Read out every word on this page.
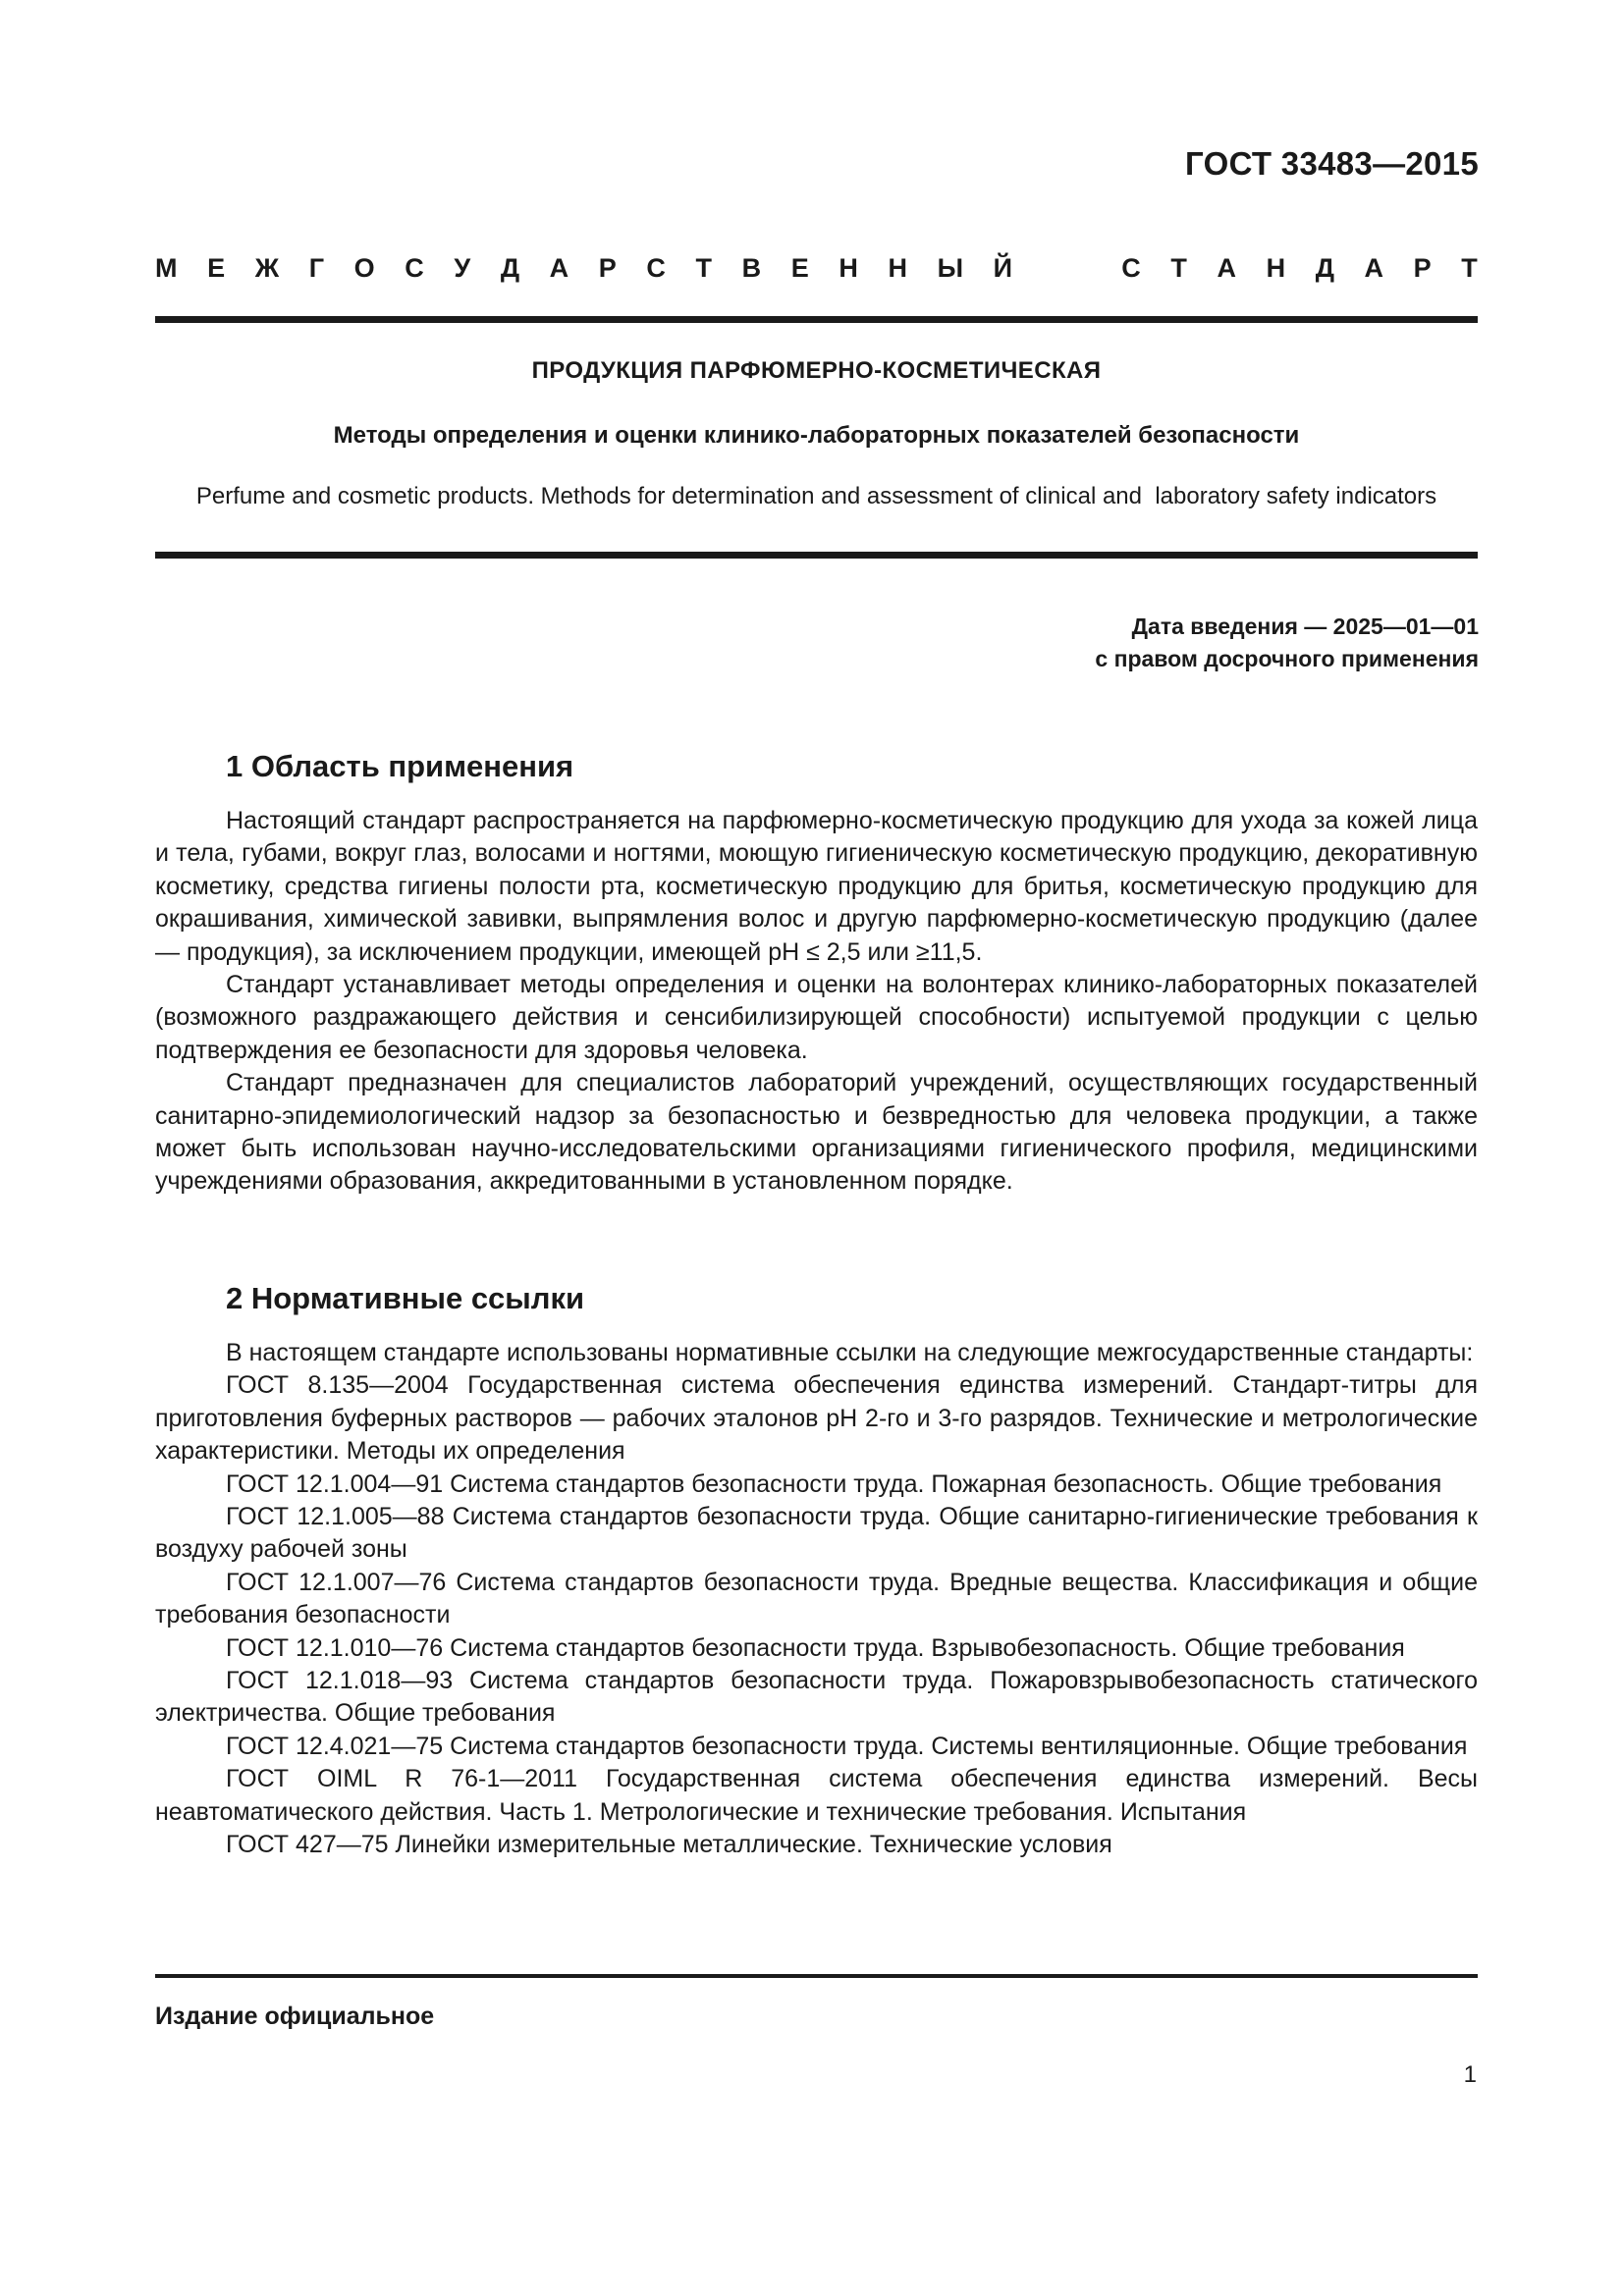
ГОСТ 33483—2015
М Е Ж Г О С У Д А Р С Т В Е Н Н Ы Й	С Т А Н Д А Р Т
ПРОДУКЦИЯ ПАРФЮМЕРНО-КОСМЕТИЧЕСКАЯ
Методы определения и оценки клинико-лабораторных показателей безопасности
Perfume and cosmetic products. Methods for determination and assessment of clinical and  laboratory safety indicators
Дата введения — 2025—01—01
с правом досрочного применения
1 Область применения

Настоящий стандарт распространяется на парфюмерно-косметическую продукцию для ухода за кожей лица и тела, губами, вокруг глаз, волосами и ногтями, моющую гигиеническую косметическую продукцию, декоративную косметику, средства гигиены полости рта, косметическую продукцию для бритья, косметическую продукцию для окрашивания, химической завивки, выпрямления волос и другую парфюмерно-косметическую продукцию (далее — продукция), за исключением продукции, имеющей pH ≤ 2,5 или ≥11,5.

Стандарт устанавливает методы определения и оценки на волонтерах клинико-лабораторных показателей (возможного раздражающего действия и сенсибилизирующей способности) испытуемой продукции с целью подтверждения ее безопасности для здоровья человека.

Стандарт предназначен для специалистов лабораторий учреждений, осуществляющих государственный санитарно-эпидемиологический надзор за безопасностью и безвредностью для человека продукции, а также может быть использован научно-исследовательскими организациями гигиенического профиля, медицинскими учреждениями образования, аккредитованными в установленном порядке.

2 Нормативные ссылки

В настоящем стандарте использованы нормативные ссылки на следующие межгосударственные стандарты:

ГОСТ 8.135—2004 Государственная система обеспечения единства измерений. Стандарт-титры для приготовления буферных растворов — рабочих эталонов pH 2-го и 3-го разрядов. Технические и метрологические характеристики. Методы их определения

ГОСТ 12.1.004—91 Система стандартов безопасности труда. Пожарная безопасность. Общие требования

ГОСТ 12.1.005—88 Система стандартов безопасности труда. Общие санитарно-гигиенические требования к воздуху рабочей зоны

ГОСТ 12.1.007—76 Система стандартов безопасности труда. Вредные вещества. Классификация и общие требования безопасности

ГОСТ 12.1.010—76 Система стандартов безопасности труда. Взрывобезопасность. Общие требования

ГОСТ 12.1.018—93 Система стандартов безопасности труда. Пожаровзрывобезопасность статического электричества. Общие требования

ГОСТ 12.4.021—75 Система стандартов безопасности труда. Системы вентиляционные. Общие требования

ГОСТ OIML R 76-1—2011 Государственная система обеспечения единства измерений. Весы неавтоматического действия. Часть 1. Метрологические и технические требования. Испытания

ГОСТ 427—75 Линейки измерительные металлические. Технические условия

Издание официальное
1
